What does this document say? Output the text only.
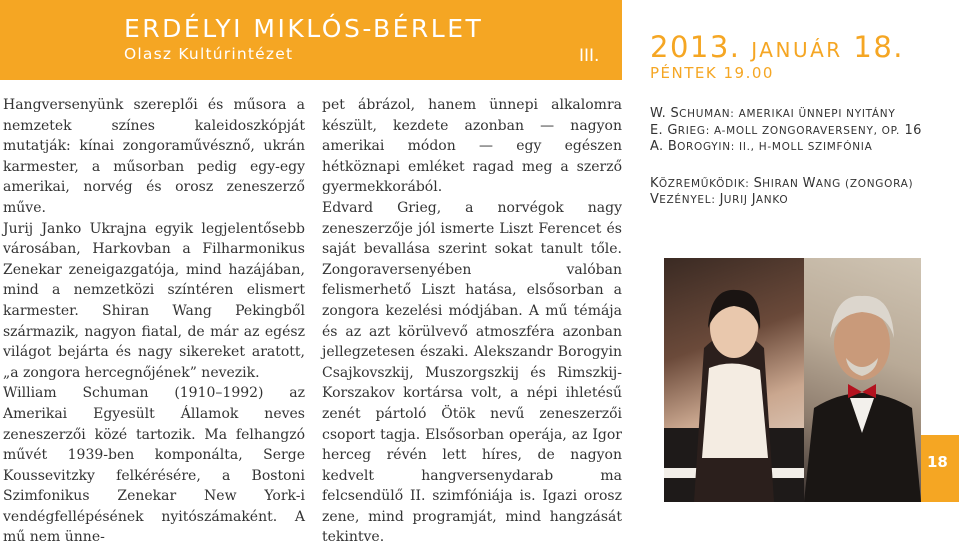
ERDÉLYI MIKLÓS-BÉRLET
Olasz Kultúrintézet	III. 2013. JANUÁR 18.
PÉNTEK 19.00

Hangversenyünk szereplői és műsora a nemzetek színes kaleidoszkópját mutatják: kínai zongoraművésznő, ukrán karmester, a műsorban pedig egy-egy amerikai, norvég és orosz zeneszerző műve.

Jurij Janko Ukrajna egyik legjelentősebb városában, Harkovban a Filharmonikus Zenekar zeneigazgatója, mind hazájában, mind a nemzetközi színtéren elismert karmester. Shiran Wang Pekingből származik, nagyon fiatal, de már az egész világot bejárta és nagy sikereket aratott, „a zongora hercegnőjének” nevezik.

William Schuman (1910–1992) az Amerikai Egyesült Államok neves zeneszerzői közé tartozik. Ma felhangzó művét 1939-ben komponálta, Serge Koussevitzky felkérésére, a Bostoni Szimfonikus Zenekar New York-i vendégfellépésének nyitószámaként. A mű nem ünne-

pet ábrázol, hanem ünnepi alkalomra készült, kezdete azonban — nagyon amerikai módon — egy egészen hétköznapi emléket ragad meg a szerző gyermekkorából.

Edvard Grieg, a norvégok nagy zeneszerzője jól ismerte Liszt Ferencet és saját bevallása szerint sokat tanult tőle. Zongoraversenyében valóban felismerhető Liszt hatása, elsősorban a zongora kezelési módjában. A mű témája és az azt körülvevő atmoszféra azonban jellegzetesen északi. Alekszandr Borogyin Csajkovszkij, Muszorgszkij és Rimszkij-Korszakov kortársa volt, a népi ihletésű zenét pártoló Ötök nevű zeneszerzői csoport tagja. Elsősorban operája, az Igor herceg révén lett híres, de nagyon kedvelt hangversenydarab ma felcsendülő II. szimfóniája is. Igazi orosz zene, mind programját, mind hangzását tekintve.

W. SCHUMAN: AMERIKAI ÜNNEPI NYITÁNY
E. GRIEG: A-MOLL ZONGORAVERSENY, OP. 16
A. BOROGYIN: II., H-MOLL SZIMFÓNIA
KÖZREMŰKÖDIK: SHIRAN WANG (ZONGORA)
VEZÉNYEL: JURIJ JANKO
18
